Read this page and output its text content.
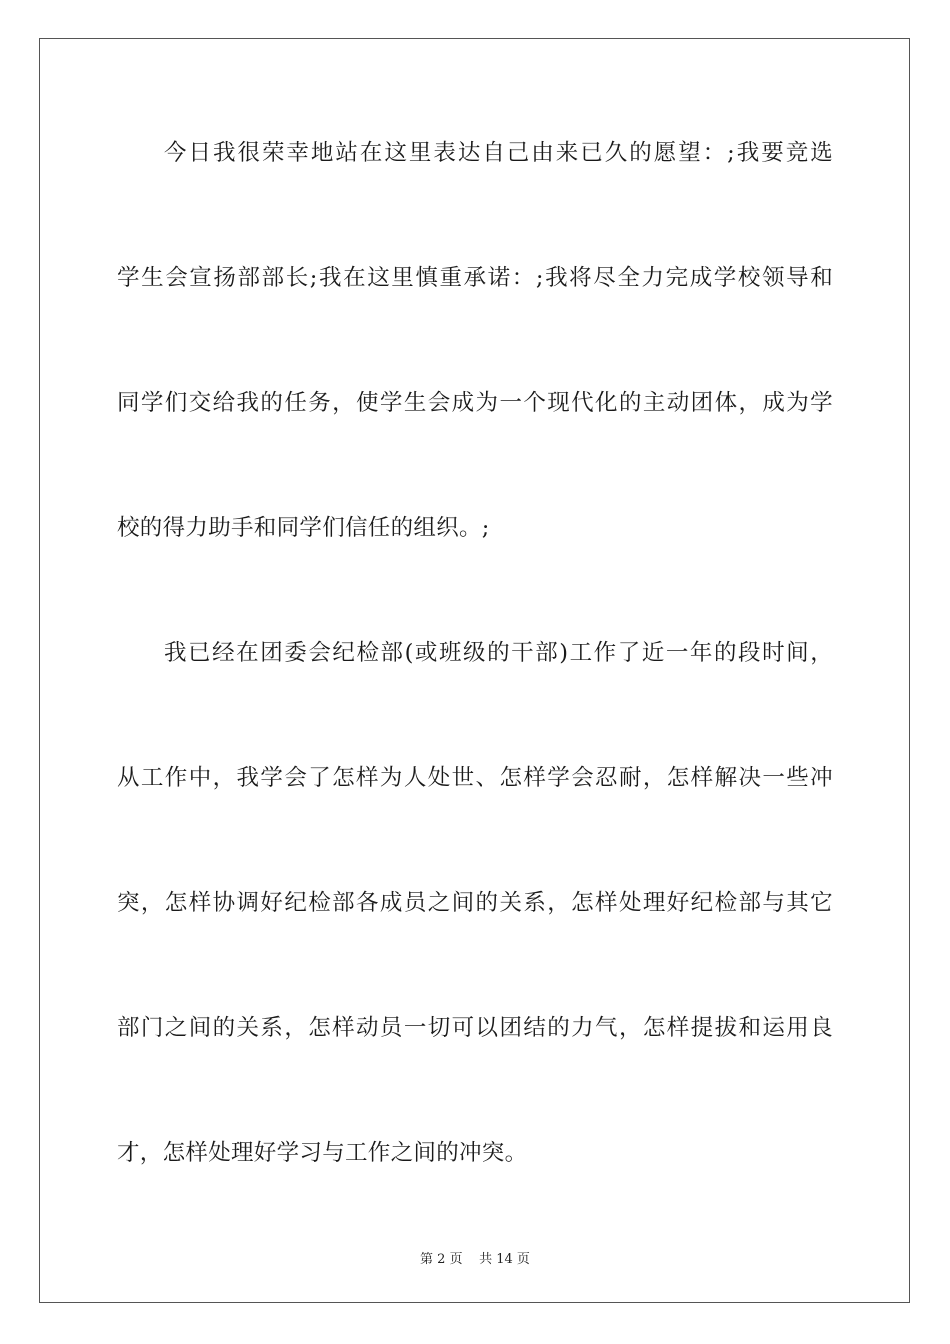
今日我很荣幸地站在这里表达自己由来已久的愿望：;我要竞选
学生会宣扬部部长;我在这里慎重承诺：;我将尽全力完成学校领导和
同学们交给我的任务，使学生会成为一个现代化的主动团体，成为学
校的得力助手和同学们信任的组织。;
我已经在团委会纪检部(或班级的干部)工作了近一年的段时间，
从工作中，我学会了怎样为人处世、怎样学会忍耐，怎样解决一些冲
突，怎样协调好纪检部各成员之间的关系，怎样处理好纪检部与其它
部门之间的关系，怎样动员一切可以团结的力气，怎样提拔和运用良
才，怎样处理好学习与工作之间的冲突。
第 2 页 共 14 页
